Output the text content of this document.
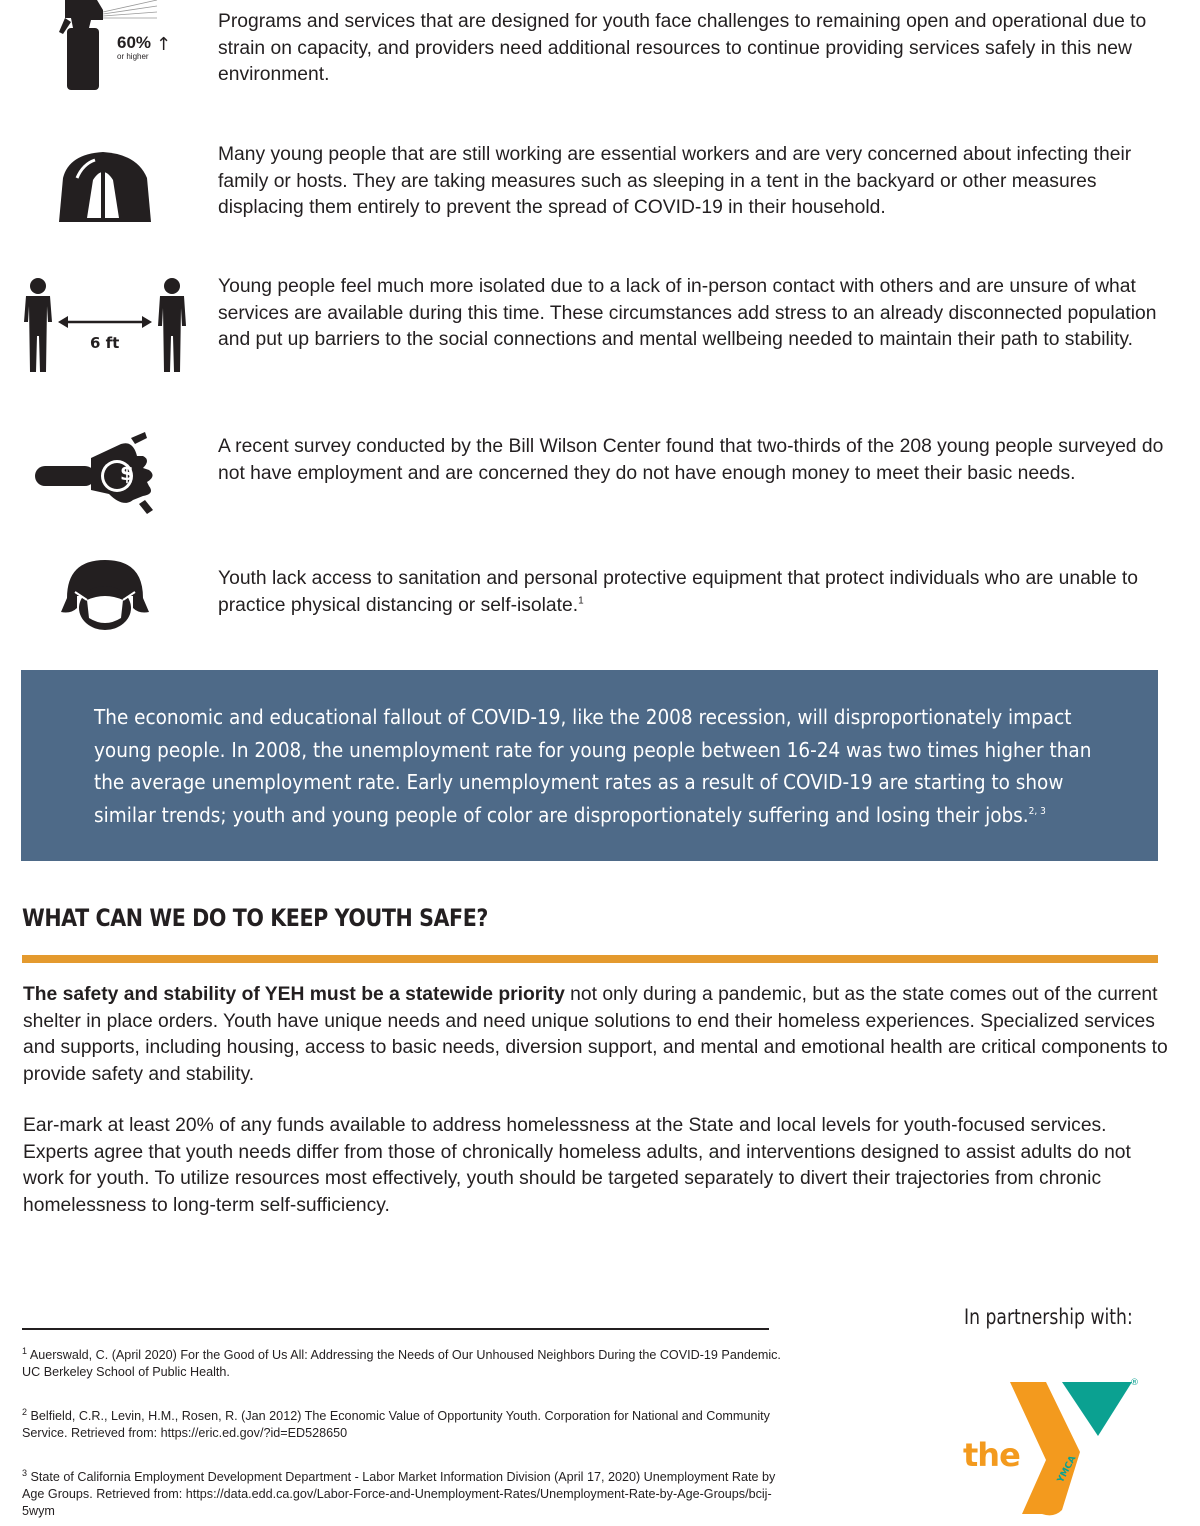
60%
or higher
↑

Programs and services that are designed for youth face challenges to remaining open and operational due to strain on capacity, and providers need additional resources to continue providing services safely in this new environment.

Many young people that are still working are essential workers and are very concerned about infecting their family or hosts. They are taking measures such as sleeping in a tent in the backyard or other measures displacing them entirely to prevent the spread of COVID-19 in their household.

6 ft

Young people feel much more isolated due to a lack of in-person contact with others and are unsure of what services are available during this time. These circumstances add stress to an already disconnected population and put up barriers to the social connections and mental wellbeing needed to maintain their path to stability.

$

A recent survey conducted by the Bill Wilson Center found that two-thirds of the 208 young people surveyed do not have employment and are concerned they do not have enough money to meet their basic needs.

Youth lack access to sanitation and personal protective equipment that protect individuals who are unable to practice physical distancing or self-isolate.$^1$

The economic and educational fallout of COVID-19, like the 2008 recession, will disproportionately impact young people. In 2008, the unemployment rate for young people between 16-24 was two times higher than the average unemployment rate. Early unemployment rates as a result of COVID-19 are starting to show similar trends; youth and young people of color are disproportionately suffering and losing their jobs.$^{2, 3}$

WHAT CAN WE DO TO KEEP YOUTH SAFE?

The safety and stability of YEH must be a statewide priority not only during a pandemic, but as the state comes out of the current shelter in place orders. Youth have unique needs and need unique solutions to end their homeless experiences. Specialized services and supports, including housing, access to basic needs, diversion support, and mental and emotional health are critical components to provide safety and stability.

Ear-mark at least 20% of any funds available to address homelessness at the State and local levels for youth-focused services. Experts agree that youth needs differ from those of chronically homeless adults, and interventions designed to assist adults do not work for youth. To utilize resources most effectively, youth should be targeted separately to divert their trajectories from chronic homelessness to long-term self-sufficiency.

$^1$ Auerswald, C. (April 2020) For the Good of Us All: Addressing the Needs of Our Unhoused Neighbors During the COVID-19 Pandemic. UC Berkeley School of Public Health.

$^2$ Belfield, C.R., Levin, H.M., Rosen, R. (Jan 2012) The Economic Value of Opportunity Youth. Corporation for National and Community Service. Retrieved from: https://eric.ed.gov/?id=ED528650

$^3$ State of California Employment Development Department - Labor Market Information Division (April 17, 2020) Unemployment Rate by Age Groups. Retrieved from: https://data.edd.ca.gov/Labor-Force-and-Unemployment-Rates/Unemployment-Rate-by-Age-Groups/bcij-5wym

In partnership with:

the	YMCA
®
